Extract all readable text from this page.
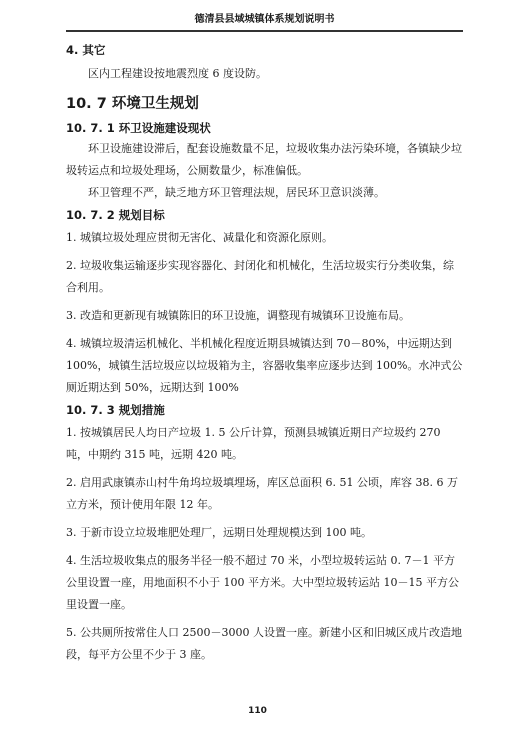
德清县县域城镇体系规划说明书
4. 其它

区内工程建设按地震烈度 6 度设防。

10. 7 环境卫生规划
10. 7. 1 环卫设施建设现状

环卫设施建设滞后，配套设施数量不足，垃圾收集办法污染环境，各镇缺少垃圾转运点和垃圾处理场，公厕数量少，标准偏低。

环卫管理不严，缺乏地方环卫管理法规，居民环卫意识淡薄。

10. 7. 2 规划目标

1. 城镇垃圾处理应贯彻无害化、减量化和资源化原则。

2. 垃圾收集运输逐步实现容器化、封闭化和机械化，生活垃圾实行分类收集，综合利用。

3. 改造和更新现有城镇陈旧的环卫设施，调整现有城镇环卫设施布局。

4. 城镇垃圾清运机械化、半机械化程度近期县城镇达到 70－80%，中远期达到 100%，城镇生活垃圾应以垃圾箱为主，容器收集率应逐步达到 100%。水冲式公厕近期达到 50%，远期达到 100%

10. 7. 3 规划措施

1. 按城镇居民人均日产垃圾 1. 5 公斤计算，预测县城镇近期日产垃圾约 270 吨，中期约 315 吨，远期 420 吨。

2. 启用武康镇赤山村牛角坞垃圾填埋场，库区总面积 6. 51 公顷，库容 38. 6 万立方米，预计使用年限 12 年。

3. 于新市设立垃圾堆肥处理厂，远期日处理规模达到 100 吨。

4. 生活垃圾收集点的服务半径一般不超过 70 米，小型垃圾转运站 0. 7－1 平方公里设置一座，用地面积不小于 100 平方米。大中型垃圾转运站 10－15 平方公里设置一座。

5. 公共厕所按常住人口 2500－3000 人设置一座。新建小区和旧城区成片改造地段，每平方公里不少于 3 座。

110
